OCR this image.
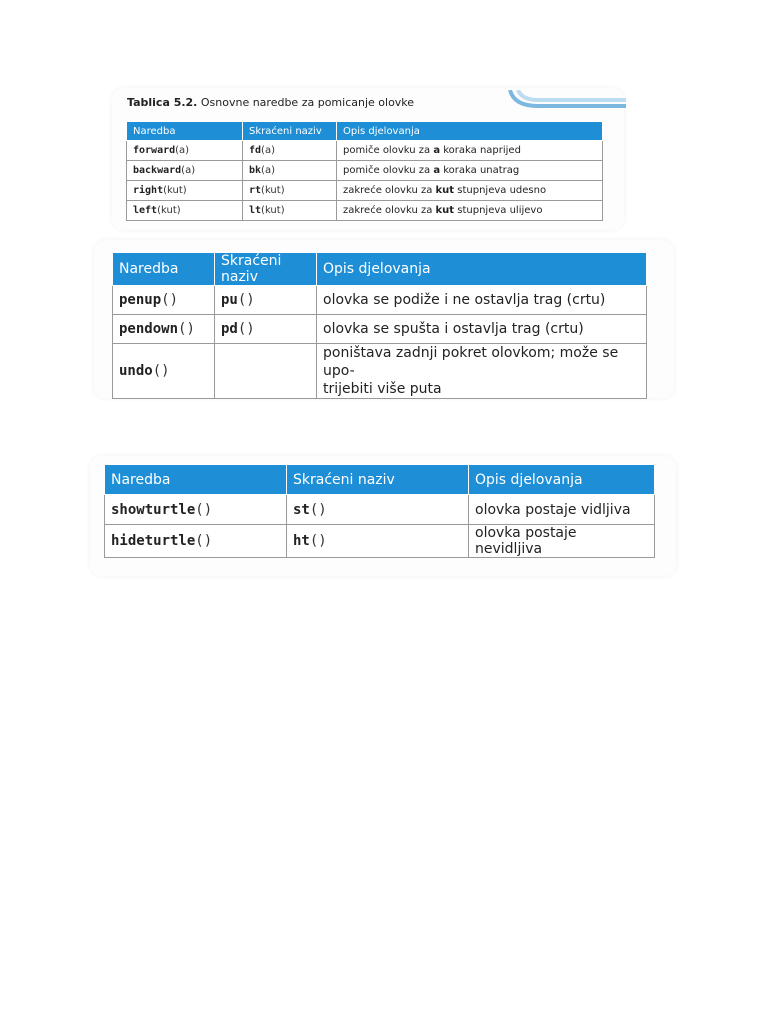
Tablica 5.2. Osnovne naredbe za pomicanje olovke
Naredba	Skraćeni naziv	Opis djelovanja
forward(a)	fd(a)	pomiče olovku za a koraka naprijed
backward(a)	bk(a)	pomiče olovku za a koraka unatrag
right(kut)	rt(kut)	zakreće olovku za kut stupnjeva udesno
left(kut)	lt(kut)	zakreće olovku za kut stupnjeva ulijevo
Naredba	Skraćeni naziv	Opis djelovanja
penup()	pu()	olovka se podiže i ne ostavlja trag (crtu)
pendown()	pd()	olovka se spušta i ostavlja trag (crtu)
undo()		poništava zadnji pokret olovkom; može se upo-
trijebiti više puta
Naredba	Skraćeni naziv	Opis djelovanja
showturtle()	st()	olovka postaje vidljiva
hideturtle()	ht()	olovka postaje nevidljiva
